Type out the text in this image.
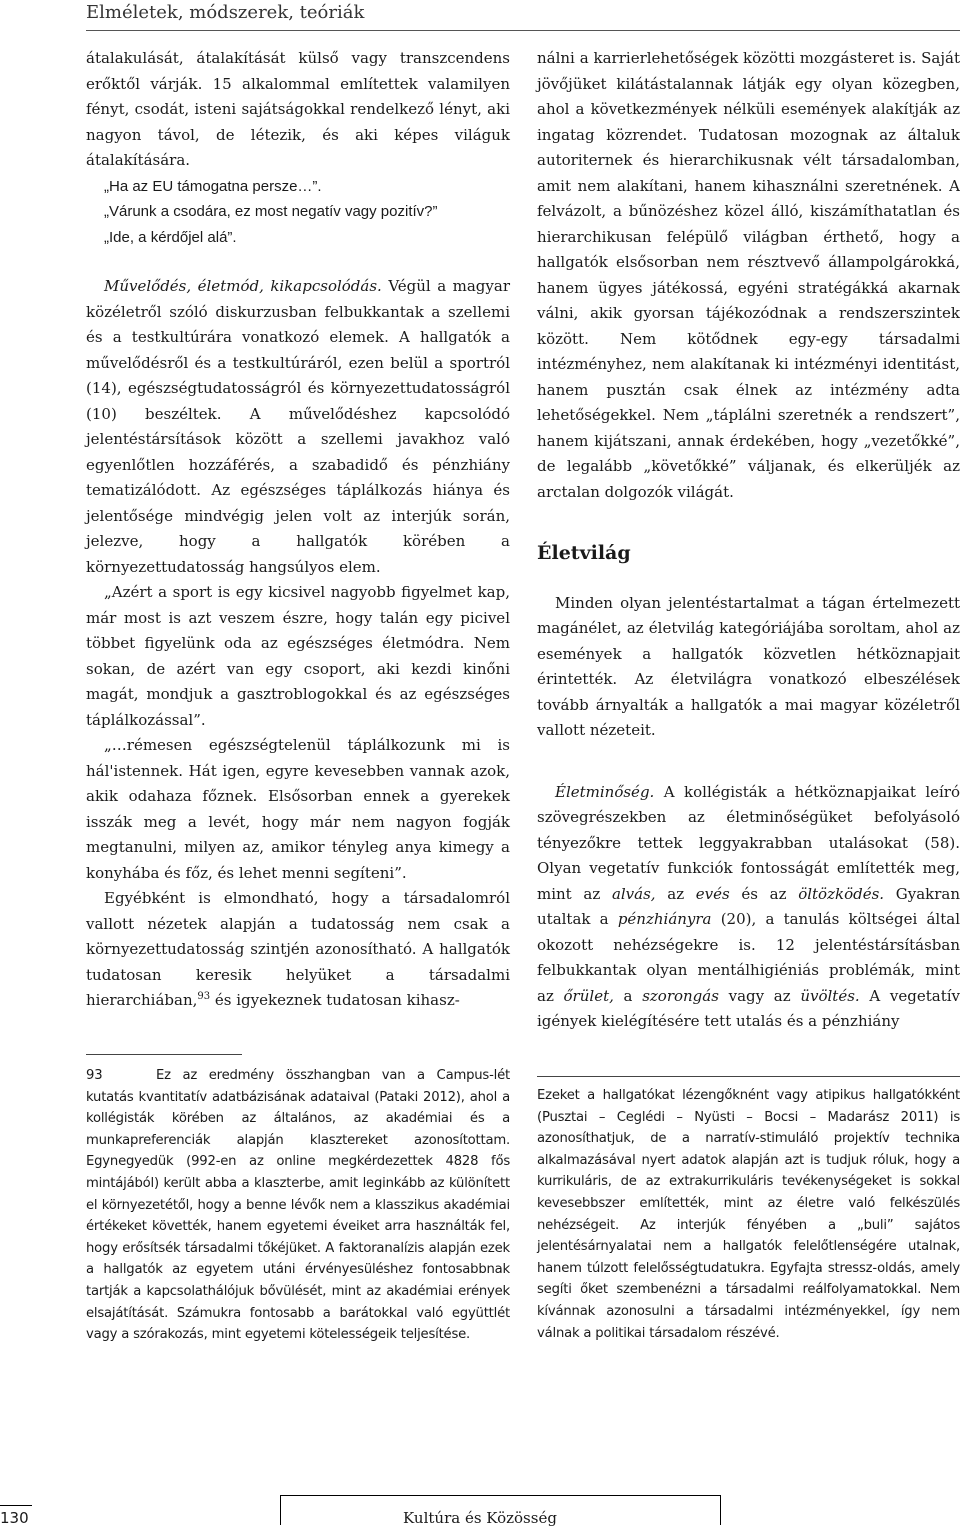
Elméletek, módszerek, teóriák

átalakulását, átalakítását külső vagy transzcendens erőktől várják. 15 alkalommal említettek valamilyen fényt, csodát, isteni sajátságokkal rendelkező lényt, aki nagyon távol, de létezik, és aki képes világuk átalakítására.

„Ha az EU támogatna persze…”.

„Várunk a csodára, ez most negatív vagy pozitív?”

„Ide, a kérdőjel alá”.

Művelődés, életmód, kikapcsolódás. Végül a magyar közéletről szóló diskurzusban felbukkantak a szellemi és a testkultúrára vonatkozó elemek. A hallgatók a művelődésről és a testkultúráról, ezen belül a sportról (14), egészségtudatosságról és környezettudatosságról (10) beszéltek. A művelődéshez kapcsolódó jelentéstársítások között a szellemi javakhoz való egyenlőtlen hozzáférés, a szabadidő és pénzhiány tematizálódott. Az egészséges táplálkozás hiánya és jelentősége mindvégig jelen volt az interjúk során, jelezve, hogy a hallgatók körében a környezettudatosság hangsúlyos elem.

„Azért a sport is egy kicsivel nagyobb figyelmet kap, már most is azt veszem észre, hogy talán egy picivel többet figyelünk oda az egészséges életmódra. Nem sokan, de azért van egy csoport, aki kezdi kinőni magát, mondjuk a gasztroblogokkal és az egészséges táplálkozással”.

„…rémesen egészségtelenül táplálkozunk mi is hál'istennek. Hát igen, egyre kevesebben vannak azok, akik odahaza főznek. Elsősorban ennek a gyerekek isszák meg a levét, hogy már nem nagyon fogják megtanulni, milyen az, amikor tényleg anya kimegy a konyhába és főz, és lehet menni segíteni”.

Egyébként is elmondható, hogy a társadalomról vallott nézetek alapján a tudatosság nem csak a környezettudatosság szintjén azonosítható. A hallgatók tudatosan keresik helyüket a társadalmi hierarchiában,$^{93}$ és igyekeznek tudatosan kihasz-

93	Ez az eredmény összhangban van a Campus-lét kutatás kvantitatív adatbázisának adataival (Pataki 2012), ahol a kollégisták körében az általános, az akadémiai és a munkapreferenciák alapján klasztereket azonosítottam. Egynegyedük (992-en az online megkérdezettek 4828 fős mintájából) került abba a klaszterbe, amit leginkább az különített el környezetétől, hogy a benne lévők nem a klasszikus akadémiai értékeket követték, hanem egyetemi éveiket arra használták fel, hogy erősítsék társadalmi tőkéjüket. A faktoranalízis alapján ezek a hallgatók az egyetem utáni érvényesüléshez fontosabbnak tartják a kapcsolathálójuk bővülését, mint az akadémiai erények elsajátítását. Számukra fontosabb a barátokkal való együttlét vagy a szórakozás, mint egyetemi kötelességeik teljesítése.

nálni a karrierlehetőségek közötti mozgásteret is. Saját jövőjüket kilátástalannak látják egy olyan közegben, ahol a következmények nélküli események alakítják az ingatag közrendet. Tudatosan mozognak az általuk autoriternek és hierarchikusnak vélt társadalomban, amit nem alakítani, hanem kihasználni szeretnének. A felvázolt, a bűnözéshez közel álló, kiszámíthatatlan és hierarchikusan felépülő világban érthető, hogy a hallgatók elsősorban nem résztvevő állampolgárokká, hanem ügyes játékossá, egyéni stratégákká akarnak válni, akik gyorsan tájékozódnak a rendszerszintek között. Nem kötődnek egy-egy társadalmi intézményhez, nem alakítanak ki intézményi identitást, hanem pusztán csak élnek az intézmény adta lehetőségekkel. Nem „táplálni szeretnék a rendszert”, hanem kijátszani, annak érdekében, hogy „vezetőkké”, de legalább „követőkké” váljanak, és elkerüljék az arctalan dolgozók világát.

Életvilág

Minden olyan jelentéstartalmat a tágan értelmezett magánélet, az életvilág kategóriájába soroltam, ahol az események a hallgatók közvetlen hétköznapjait érintették. Az életvilágra vonatkozó elbeszélések tovább árnyalták a hallgatók a mai magyar közéletről vallott nézeteit.

Életminőség. A kollégisták a hétköznapjaikat leíró szövegrészekben az életminőségüket befolyásoló tényezőkre tettek leggyakrabban utalásokat (58). Olyan vegetatív funkciók fontosságát említették meg, mint az alvás, az evés és az öltözködés. Gyakran utaltak a pénzhiányra (20), a tanulás költségei által okozott nehézségekre is. 12 jelentéstársításban felbukkantak olyan mentálhigiéniás problémák, mint az őrület, a szorongás vagy az üvöltés. A vegetatív igények kielégítésére tett utalás és a pénzhiány

Ezeket a hallgatókat lézengőknént vagy atipikus hallgatókként (Pusztai – Ceglédi – Nyüsti – Bocsi – Madarász 2011) is azonosíthatjuk, de a narratív-stimuláló projektív technika alkalmazásával nyert adatok alapján azt is tudjuk róluk, hogy a kurrikuláris, de az extrakurrikuláris tevékenységeket is sokkal kevesebbszer említették, mint az életre való felkészülés nehézségeit. Az interjúk fényében a „buli” sajátos jelentésárnyalatai nem a hallgatók felelőtlenségére utalnak, hanem túlzott felelősségtudatukra. Egyfajta stressz-oldás, amely segíti őket szembenézni a társadalmi reálfolyamatokkal. Nem kívánnak azonosulni a társadalmi intézményekkel, így nem válnak a politikai társadalom részévé.

130	Kultúra és Közösség
